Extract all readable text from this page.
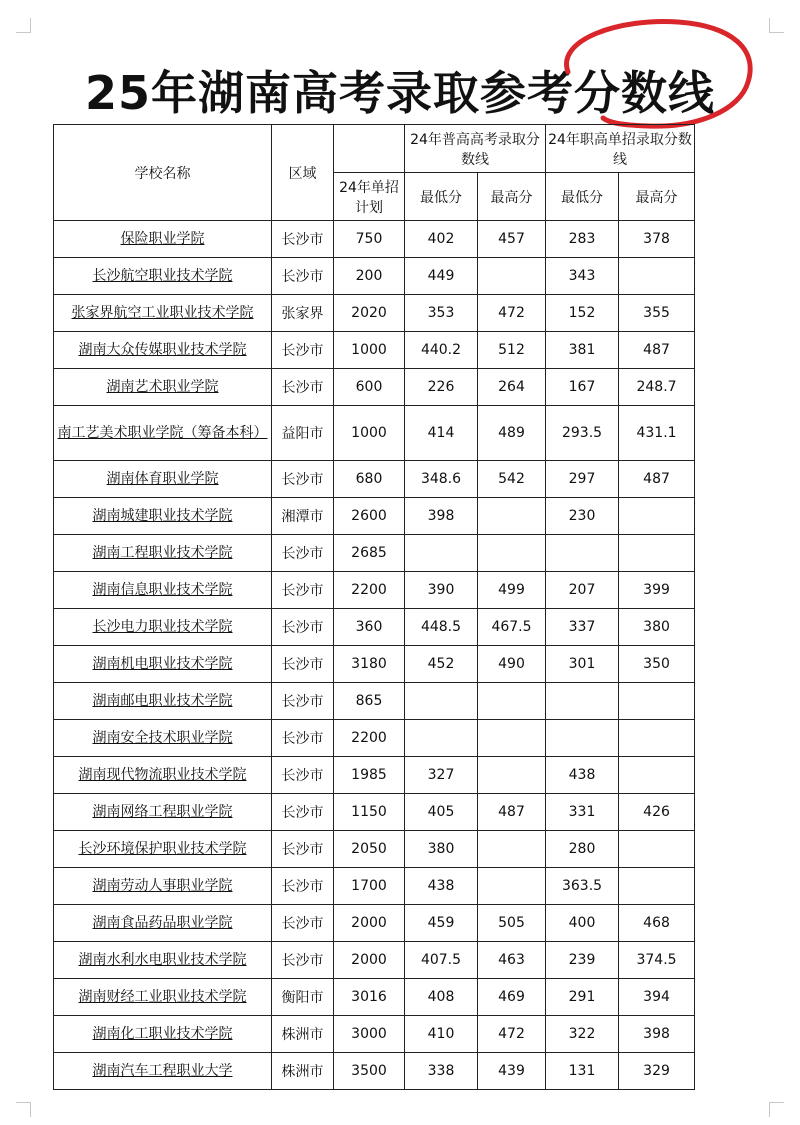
25年湖南高考录取参考分数线
学校名称	区域		24年普高高考录取分数线		24年职高单招录取分数线	
		24年单招计划	最低分	最高分	最低分	最高分
保险职业学院	长沙市	750	402	457	283	378
长沙航空职业技术学院	长沙市	200	449		343	
张家界航空工业职业技术学院	张家界	2020	353	472	152	355
湖南大众传媒职业技术学院	长沙市	1000	440.2	512	381	487
湖南艺术职业学院	长沙市	600	226	264	167	248.7
南工艺美术职业学院（筹备本科）	益阳市	1000	414	489	293.5	431.1
湖南体育职业学院	长沙市	680	348.6	542	297	487
湖南城建职业技术学院	湘潭市	2600	398		230	
湖南工程职业技术学院	长沙市	2685				
湖南信息职业技术学院	长沙市	2200	390	499	207	399
长沙电力职业技术学院	长沙市	360	448.5	467.5	337	380
湖南机电职业技术学院	长沙市	3180	452	490	301	350
湖南邮电职业技术学院	长沙市	865				
湖南安全技术职业学院	长沙市	2200				
湖南现代物流职业技术学院	长沙市	1985	327		438	
湖南网络工程职业学院	长沙市	1150	405	487	331	426
长沙环境保护职业技术学院	长沙市	2050	380		280	
湖南劳动人事职业学院	长沙市	1700	438		363.5	
湖南食品药品职业学院	长沙市	2000	459	505	400	468
湖南水利水电职业技术学院	长沙市	2000	407.5	463	239	374.5
湖南财经工业职业技术学院	衡阳市	3016	408	469	291	394
湖南化工职业技术学院	株洲市	3000	410	472	322	398
湖南汽车工程职业大学	株洲市	3500	338	439	131	329
